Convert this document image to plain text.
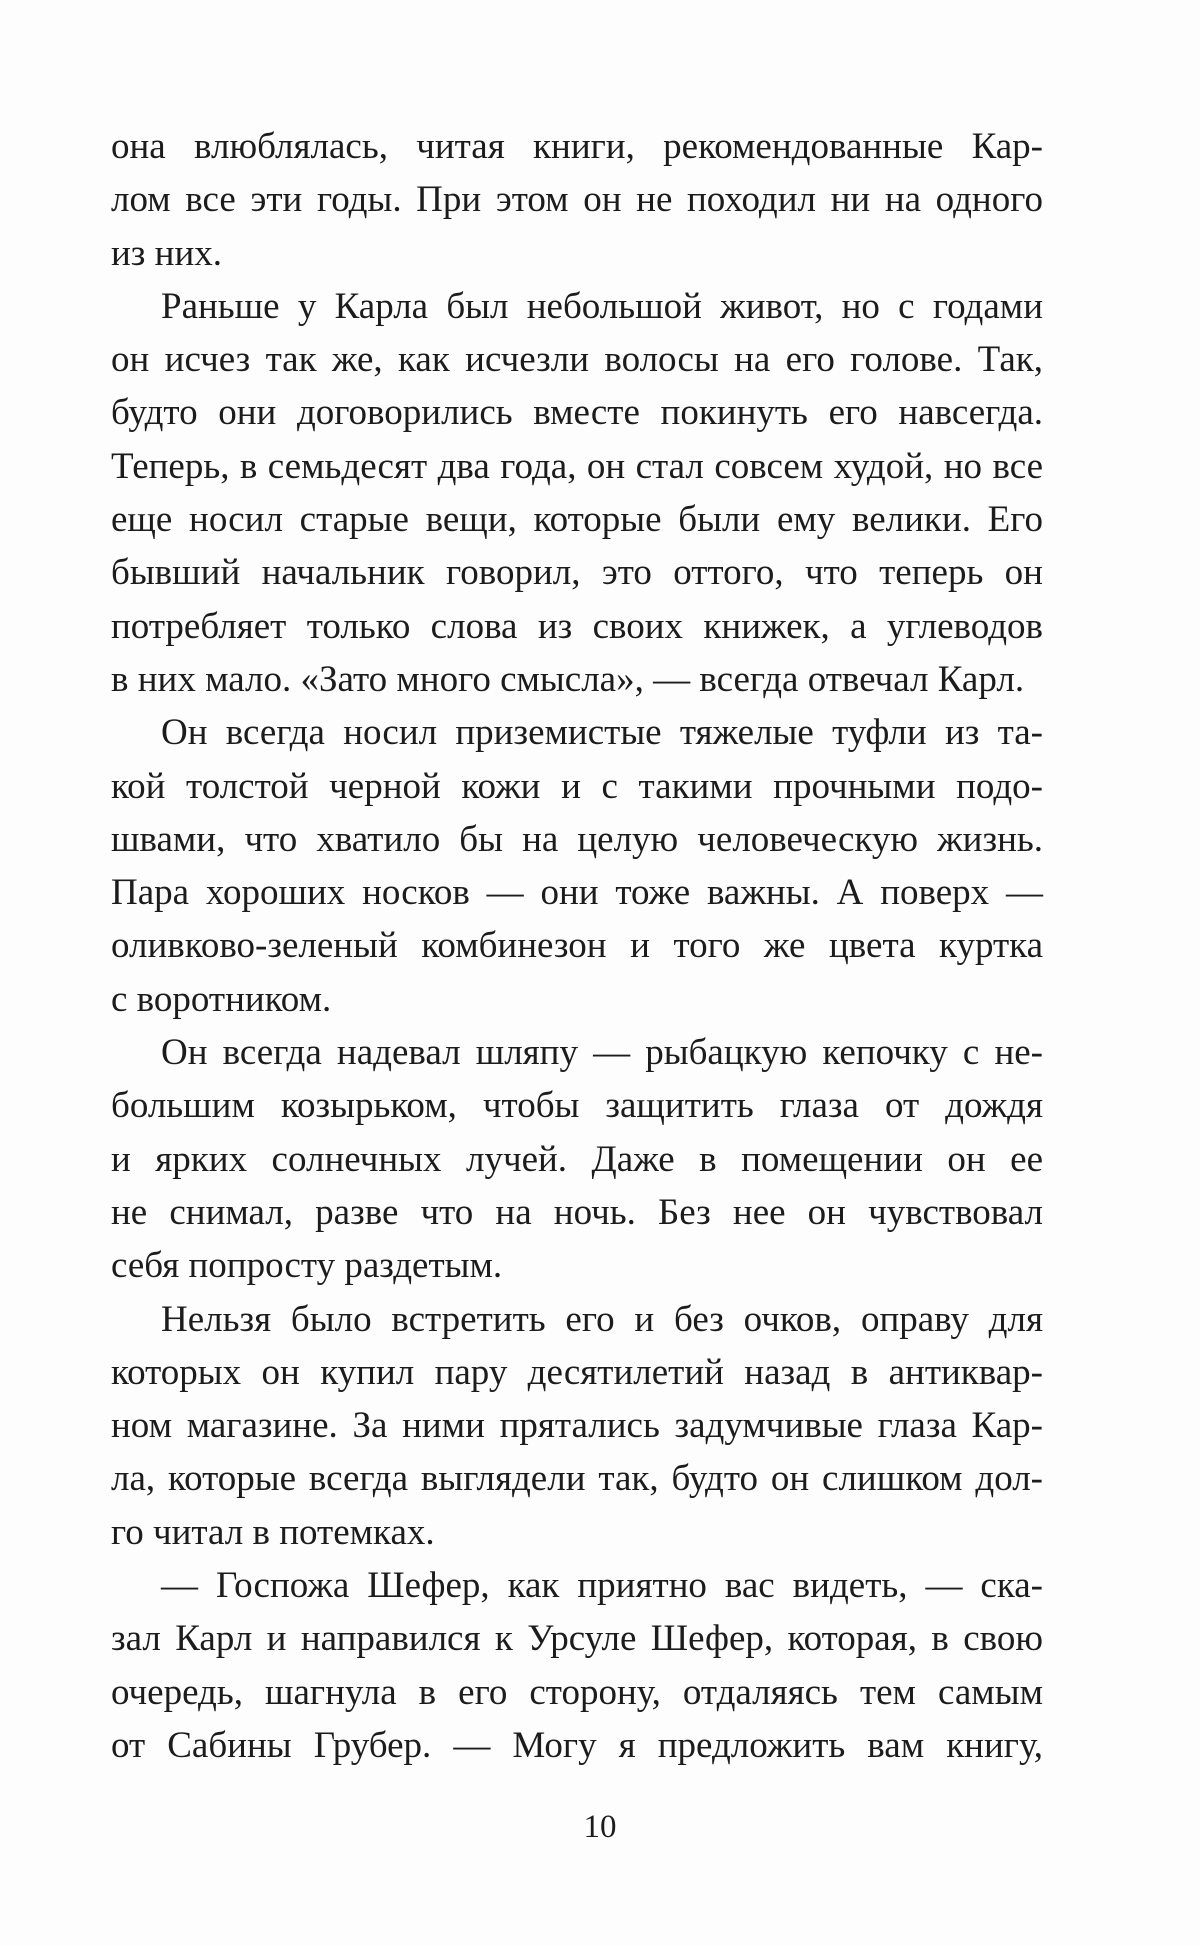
она влюблялась, читая книги, рекомендованные Кар-
лом все эти годы. При этом он не походил ни на одного
из них.
Раньше у Карла был небольшой живот, но с годами
он исчез так же, как исчезли волосы на его голове. Так,
будто они договорились вместе покинуть его навсегда.
Теперь, в семьдесят два года, он стал совсем худой, но все
еще носил старые вещи, которые были ему велики. Его
бывший начальник говорил, это оттого, что теперь он
потребляет только слова из своих книжек, а углеводов
в них мало. «Зато много смысла», — всегда отвечал Карл.
Он всегда носил приземистые тяжелые туфли из та-
кой толстой черной кожи и с такими прочными подо-
швами, что хватило бы на целую человеческую жизнь.
Пара хороших носков — они тоже важны. А поверх —
оливково-зеленый комбинезон и того же цвета куртка
с воротником.
Он всегда надевал шляпу — рыбацкую кепочку с не-
большим козырьком, чтобы защитить глаза от дождя
и ярких солнечных лучей. Даже в помещении он ее
не снимал, разве что на ночь. Без нее он чувствовал
себя попросту раздетым.
Нельзя было встретить его и без очков, оправу для
которых он купил пару десятилетий назад в антиквар-
ном магазине. За ними прятались задумчивые глаза Кар-
ла, которые всегда выглядели так, будто он слишком дол-
го читал в потемках.
— Госпожа Шефер, как приятно вас видеть, — ска-
зал Карл и направился к Урсуле Шефер, которая, в свою
очередь, шагнула в его сторону, отдаляясь тем самым
от Сабины Грубер. — Могу я предложить вам книгу,
10
